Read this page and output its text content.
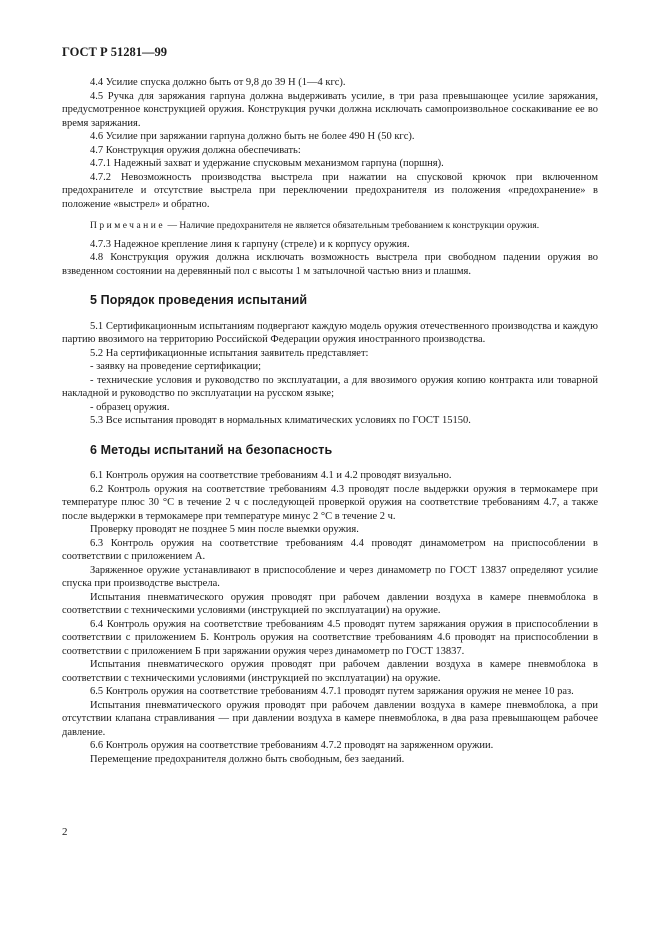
ГОСТ Р 51281—99

4.4 Усилие спуска должно быть от 9,8 до 39 Н (1—4 кгс).

4.5 Ручка для заряжания гарпуна должна выдерживать усилие, в три раза превышающее усилие заряжания, предусмотренное конструкцией оружия. Конструкция ручки должна исключать самопроизвольное соскакивание ее во время заряжания.

4.6 Усилие при заряжании гарпуна должно быть не более 490 Н (50 кгс).

4.7 Конструкция оружия должна обеспечивать:

4.7.1 Надежный захват и удержание спусковым механизмом гарпуна (поршня).

4.7.2 Невозможность производства выстрела при нажатии на спусковой крючок при включенном предохранителе и отсутствие выстрела при переключении предохранителя из положения «предохранение» в положение «выстрел» и обратно.

Примечание — Наличие предохранителя не является обязательным требованием к конструкции оружия.

4.7.3 Надежное крепление линя к гарпуну (стреле) и к корпусу оружия.

4.8 Конструкция оружия должна исключать возможность выстрела при свободном падении оружия во взведенном состоянии на деревянный пол с высоты 1 м затылочной частью вниз и плашмя.

5 Порядок проведения испытаний

5.1 Сертификационным испытаниям подвергают каждую модель оружия отечественного производства и каждую партию ввозимого на территорию Российской Федерации оружия иностранного производства.

5.2 На сертификационные испытания заявитель представляет:

- заявку на проведение сертификации;

- технические условия и руководство по эксплуатации, а для ввозимого оружия копию контракта или товарной накладной и руководство по эксплуатации на русском языке;

- образец оружия.

5.3 Все испытания проводят в нормальных климатических условиях по ГОСТ 15150.

6 Методы испытаний на безопасность

6.1 Контроль оружия на соответствие требованиям 4.1 и 4.2 проводят визуально.

6.2 Контроль оружия на соответствие требованиям 4.3 проводят после выдержки оружия в термокамере при температуре плюс 30 °С в течение 2 ч с последующей проверкой оружия на соответствие требованиям 4.7, а также после выдержки в термокамере при температуре минус 2 °С в течение 2 ч.

Проверку проводят не позднее 5 мин после выемки оружия.

6.3 Контроль оружия на соответствие требованиям 4.4 проводят динамометром на приспособлении в соответствии с приложением А.

Заряженное оружие устанавливают в приспособление и через динамометр по ГОСТ 13837 определяют усилие спуска при производстве выстрела.

Испытания пневматического оружия проводят при рабочем давлении воздуха в камере пневмоблока в соответствии с техническими условиями (инструкцией по эксплуатации) на оружие.

6.4 Контроль оружия на соответствие требованиям 4.5 проводят путем заряжания оружия в приспособлении в соответствии с приложением Б. Контроль оружия на соответствие требованиям 4.6 проводят на приспособлении в соответствии с приложением Б при заряжании оружия через динамометр по ГОСТ 13837.

Испытания пневматического оружия проводят при рабочем давлении воздуха в камере пневмоблока в соответствии с техническими условиями (инструкцией по эксплуатации) на оружие.

6.5 Контроль оружия на соответствие требованиям 4.7.1 проводят путем заряжания оружия не менее 10 раз.

Испытания пневматического оружия проводят при рабочем давлении воздуха в камере пневмоблока, а при отсутствии клапана стравливания — при давлении воздуха в камере пневмоблока, в два раза превышающем рабочее давление.

6.6 Контроль оружия на соответствие требованиям 4.7.2 проводят на заряженном оружии.

Перемещение предохранителя должно быть свободным, без заеданий.

2
